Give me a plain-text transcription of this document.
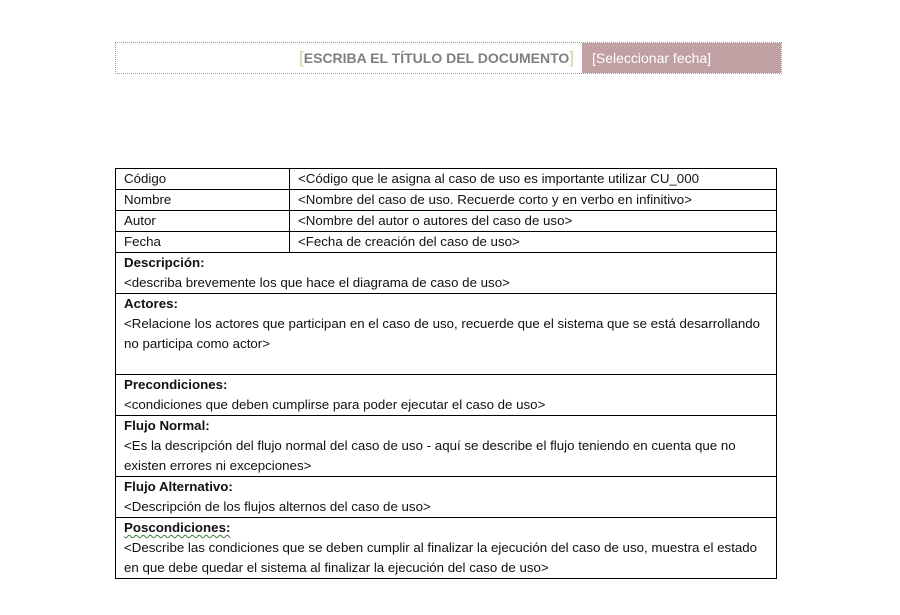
[ ESCRIBA EL TÍTULO DEL DOCUMENTO ]	[Seleccionar fecha]
Código	<Código que le asigna al caso de uso es importante utilizar CU_000
Nombre	<Nombre del caso de uso. Recuerde corto y en verbo en infinitivo>
Autor	<Nombre del autor o autores del caso de uso>
Fecha	<Fecha de creación del caso de uso>

Descripción:
<describa brevemente los que hace el diagrama de caso de uso>	

Actores:
<Relacione los actores que participan en el caso de uso, recuerde que el sistema que se está desarrollando no participa como actor>	

Precondiciones:
<condiciones que deben cumplirse para poder ejecutar el caso de uso>	

Flujo Normal:
<Es la descripción del flujo normal del caso de uso - aquí se describe el flujo teniendo en cuenta que no existen errores ni excepciones>	

Flujo Alternativo:
<Descripción de los flujos alternos del caso de uso>	

Poscondiciones:
<Describe las condiciones que se deben cumplir al finalizar la ejecución del caso de uso, muestra el estado en que debe quedar el sistema al finalizar la ejecución del caso de uso>	
